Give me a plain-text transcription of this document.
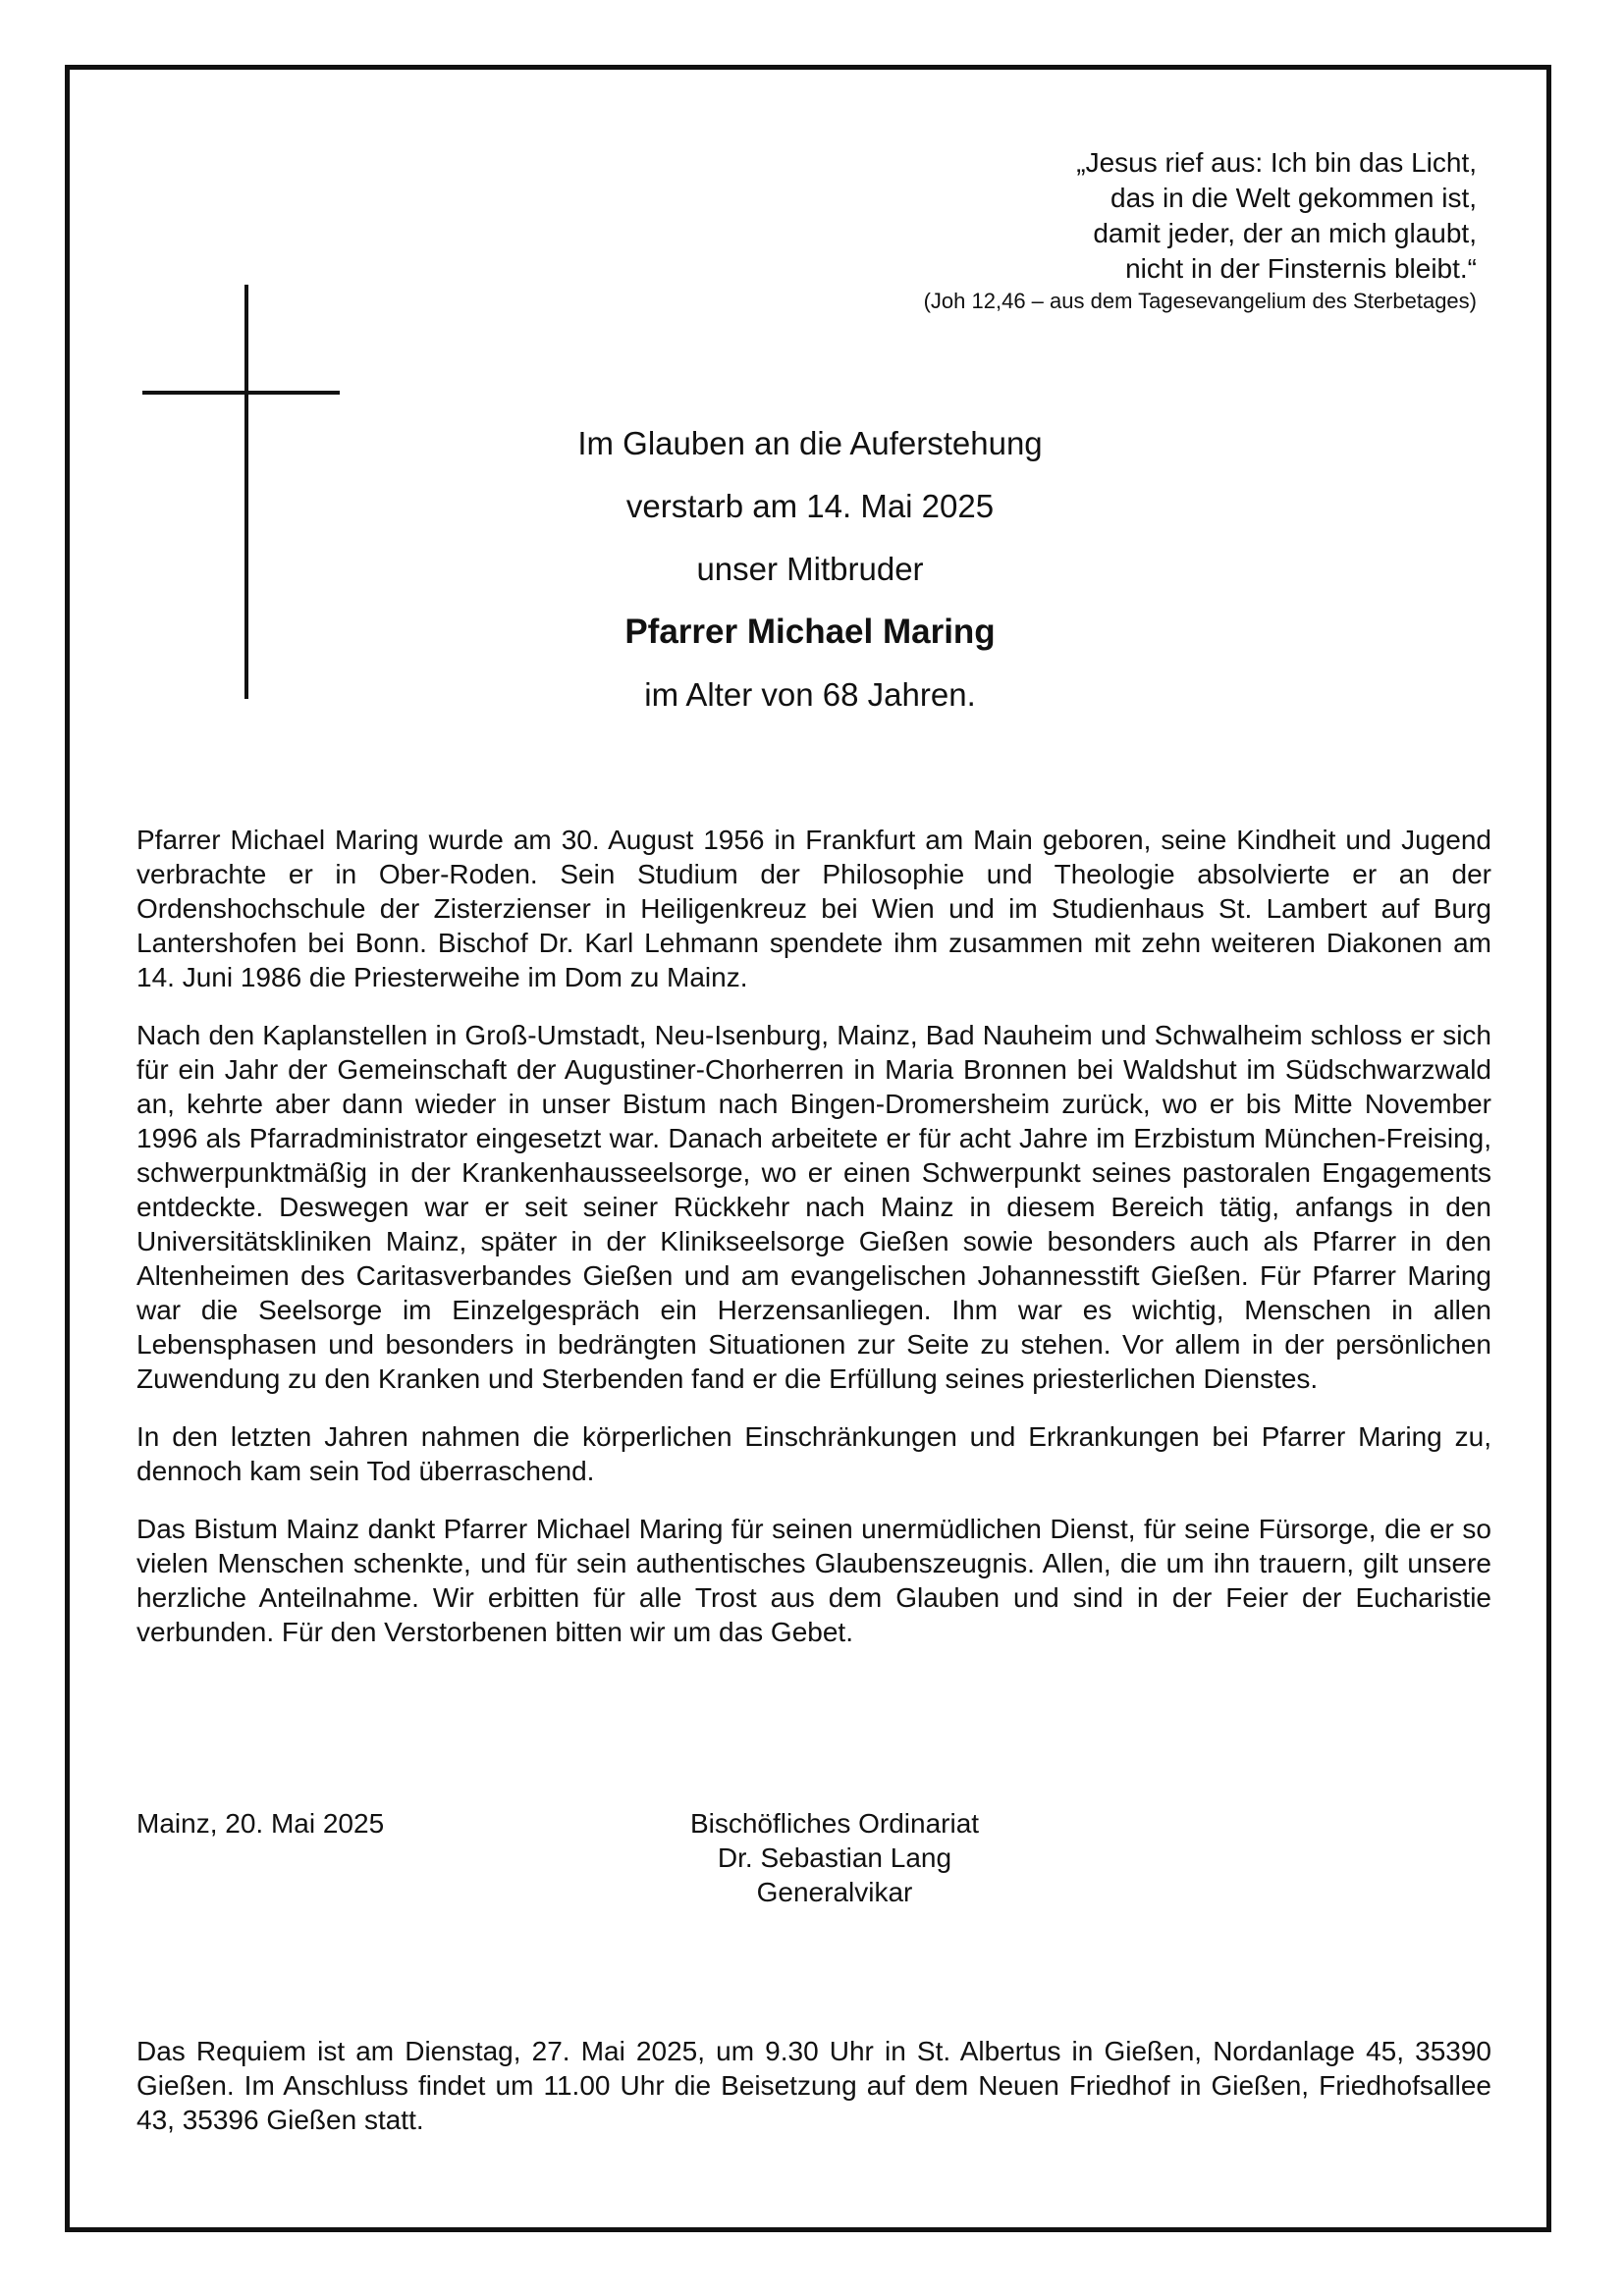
„Jesus rief aus: Ich bin das Licht,
das in die Welt gekommen ist,
damit jeder, der an mich glaubt,
nicht in der Finsternis bleibt.“
(Joh 12,46 – aus dem Tagesevangelium des Sterbetages)
Im Glauben an die Auferstehung
verstarb am 14. Mai 2025
unser Mitbruder
Pfarrer Michael Maring
im Alter von 68 Jahren.

Pfarrer Michael Maring wurde am 30. August 1956 in Frankfurt am Main geboren, seine Kindheit und Jugend verbrachte er in Ober-Roden. Sein Studium der Philosophie und Theologie absolvierte er an der Ordenshochschule der Zisterzienser in Heiligenkreuz bei Wien und im Studienhaus St. Lambert auf Burg Lantershofen bei Bonn. Bischof Dr. Karl Lehmann spendete ihm zusammen mit zehn weiteren Diakonen am 14. Juni 1986 die Priesterweihe im Dom zu Mainz.

Nach den Kaplanstellen in Groß-Umstadt, Neu-Isenburg, Mainz, Bad Nauheim und Schwalheim schloss er sich für ein Jahr der Gemeinschaft der Augustiner-Chorherren in Maria Bronnen bei Waldshut im Südschwarzwald an, kehrte aber dann wieder in unser Bistum nach Bingen-Dromersheim zurück, wo er bis Mitte November 1996 als Pfarradministrator eingesetzt war. Danach arbeitete er für acht Jahre im Erzbistum München-Freising, schwerpunktmäßig in der Krankenhausseelsorge, wo er einen Schwerpunkt seines pastoralen Engagements entdeckte. Deswegen war er seit seiner Rückkehr nach Mainz in diesem Bereich tätig, anfangs in den Universitätskliniken Mainz, später in der Klinikseelsorge Gießen sowie besonders auch als Pfarrer in den Altenheimen des Caritasverbandes Gießen und am evangelischen Johannesstift Gießen. Für Pfarrer Maring war die Seelsorge im Einzelgespräch ein Herzensanliegen. Ihm war es wichtig, Menschen in allen Lebensphasen und besonders in bedrängten Situationen zur Seite zu stehen. Vor allem in der persönlichen Zuwendung zu den Kranken und Sterbenden fand er die Erfüllung seines priesterlichen Dienstes.

In den letzten Jahren nahmen die körperlichen Einschränkungen und Erkrankungen bei Pfarrer Maring zu, dennoch kam sein Tod überraschend.

Das Bistum Mainz dankt Pfarrer Michael Maring für seinen unermüdlichen Dienst, für seine Fürsorge, die er so vielen Menschen schenkte, und für sein authentisches Glaubenszeugnis. Allen, die um ihn trauern, gilt unsere herzliche Anteilnahme. Wir erbitten für alle Trost aus dem Glauben und sind in der Feier der Eucharistie verbunden. Für den Verstorbenen bitten wir um das Gebet.

Mainz, 20. Mai 2025	Bischöfliches Ordinariat
Dr. Sebastian Lang
Generalvikar
Das Requiem ist am Dienstag, 27. Mai 2025, um 9.30 Uhr in St. Albertus in Gießen, Nordanlage 45, 35390 Gießen. Im Anschluss findet um 11.00 Uhr die Beisetzung auf dem Neuen Friedhof in Gießen, Friedhofsallee 43, 35396 Gießen statt.
